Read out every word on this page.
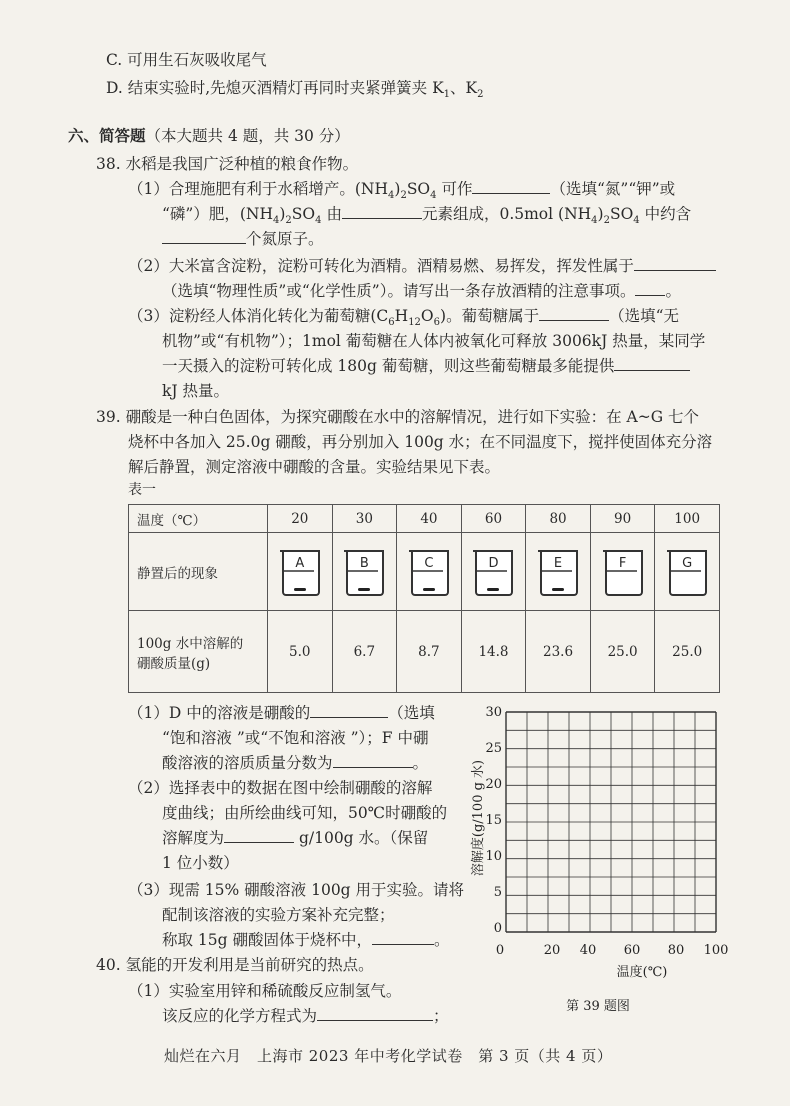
C. 可用生石灰吸收尾气
D. 结束实验时,先熄灭酒精灯再同时夹紧弹簧夹 $K_1$、$K_2$
六、简答题（本大题共 4 题，共 30 分）
38. 水稻是我国广泛种植的粮食作物。
（1）合理施肥有利于水稻增产。$(NH_4)_2SO_4$ 可作	（选填“氮”“钾”或
“磷”）肥，$(NH_4)_2SO_4$ 由	元素组成，0.5mol $(NH_4)_2SO_4$ 中约含
个氮原子。
（2）大米富含淀粉，淀粉可转化为酒精。酒精易燃、易挥发，挥发性属于
（选填“物理性质”或“化学性质”）。请写出一条存放酒精的注意事项。 。
（3）淀粉经人体消化转化为葡萄糖$(C_6H_{12}O_6)$。葡萄糖属于	（选填“无
机物”或“有机物”）；1mol 葡萄糖在人体内被氧化可释放 3006kJ 热量，某同学
一天摄入的淀粉可转化成 180g 葡萄糖，则这些葡萄糖最多能提供
kJ 热量。
39. 硼酸是一种白色固体，为探究硼酸在水中的溶解情况，进行如下实验：在 A~G 七个
烧杯中各加入 25.0g 硼酸，再分别加入 100g 水；在不同温度下，搅拌使固体充分溶
解后静置，测定溶液中硼酸的含量。实验结果见下表。
表一
温度（℃）	20	30	40	60	80	90	100
静置后的现象	A	B	C	D	E	F	G

100g 水中溶解的
硼酸质量(g)	5.0	6.7	8.7	14.8	23.6	25.0	25.0
（1）D 中的溶液是硼酸的	（选填
“饱和溶液 ”或“不饱和溶液 ”）；F 中硼
酸溶液的溶质质量分数为	。
（2）选择表中的数据在图中绘制硼酸的溶解
度曲线；由所绘曲线可知，50℃时硼酸的
溶解度为	g/100g 水。（保留
1 位小数）
（3）现需 15% 硼酸溶液 100g 用于实验。请将
配制该溶液的实验方案补充完整；
称取 15g 硼酸固体于烧杯中，	。
30
25
20
15
10
5
0
0	20 40 60 80 100
溶解度(g/100 g 水)
温度(℃)
第 39 题图
40. 氢能的开发利用是当前研究的热点。
（1）实验室用锌和稀硫酸反应制氢气。
该反应的化学方程式为	；
灿烂在六月　上海市 2023 年中考化学试卷　第 3 页（共 4 页）
